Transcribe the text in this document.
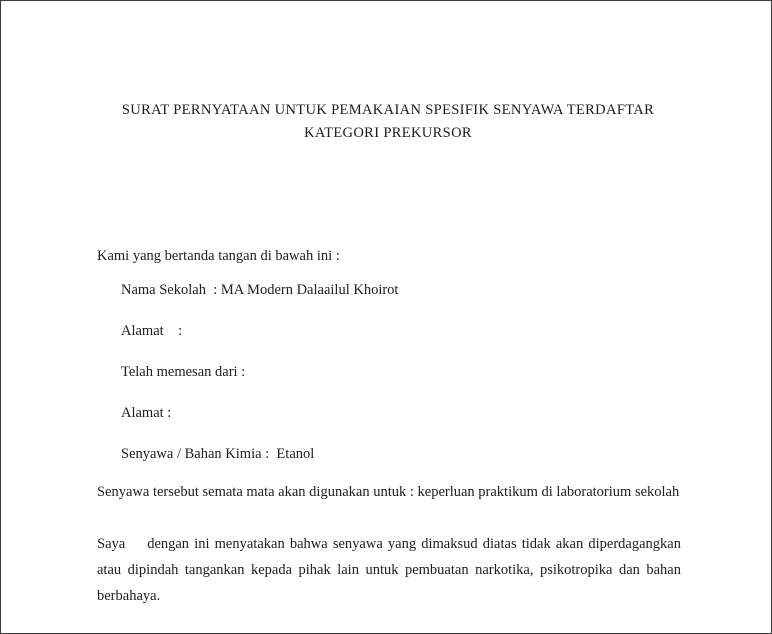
SURAT PERNYATAAN UNTUK PEMAKAIAN SPESIFIK SENYAWA TERDAFTAR
KATEGORI PREKURSOR
Kami yang bertanda tangan di bawah ini :
Nama Sekolah  : MA Modern Dalaailul Khoirot
Alamat    :
Telah memesan dari :
Alamat :
Senyawa / Bahan Kimia :  Etanol

Senyawa tersebut semata mata akan digunakan untuk : keperluan praktikum di laboratorium sekolah

Saya dengan ini menyatakan bahwa senyawa yang dimaksud diatas tidak akan diperdagangkan atau dipindah tangankan kepada pihak lain untuk pembuatan narkotika, psikotropika dan bahan berbahaya.
